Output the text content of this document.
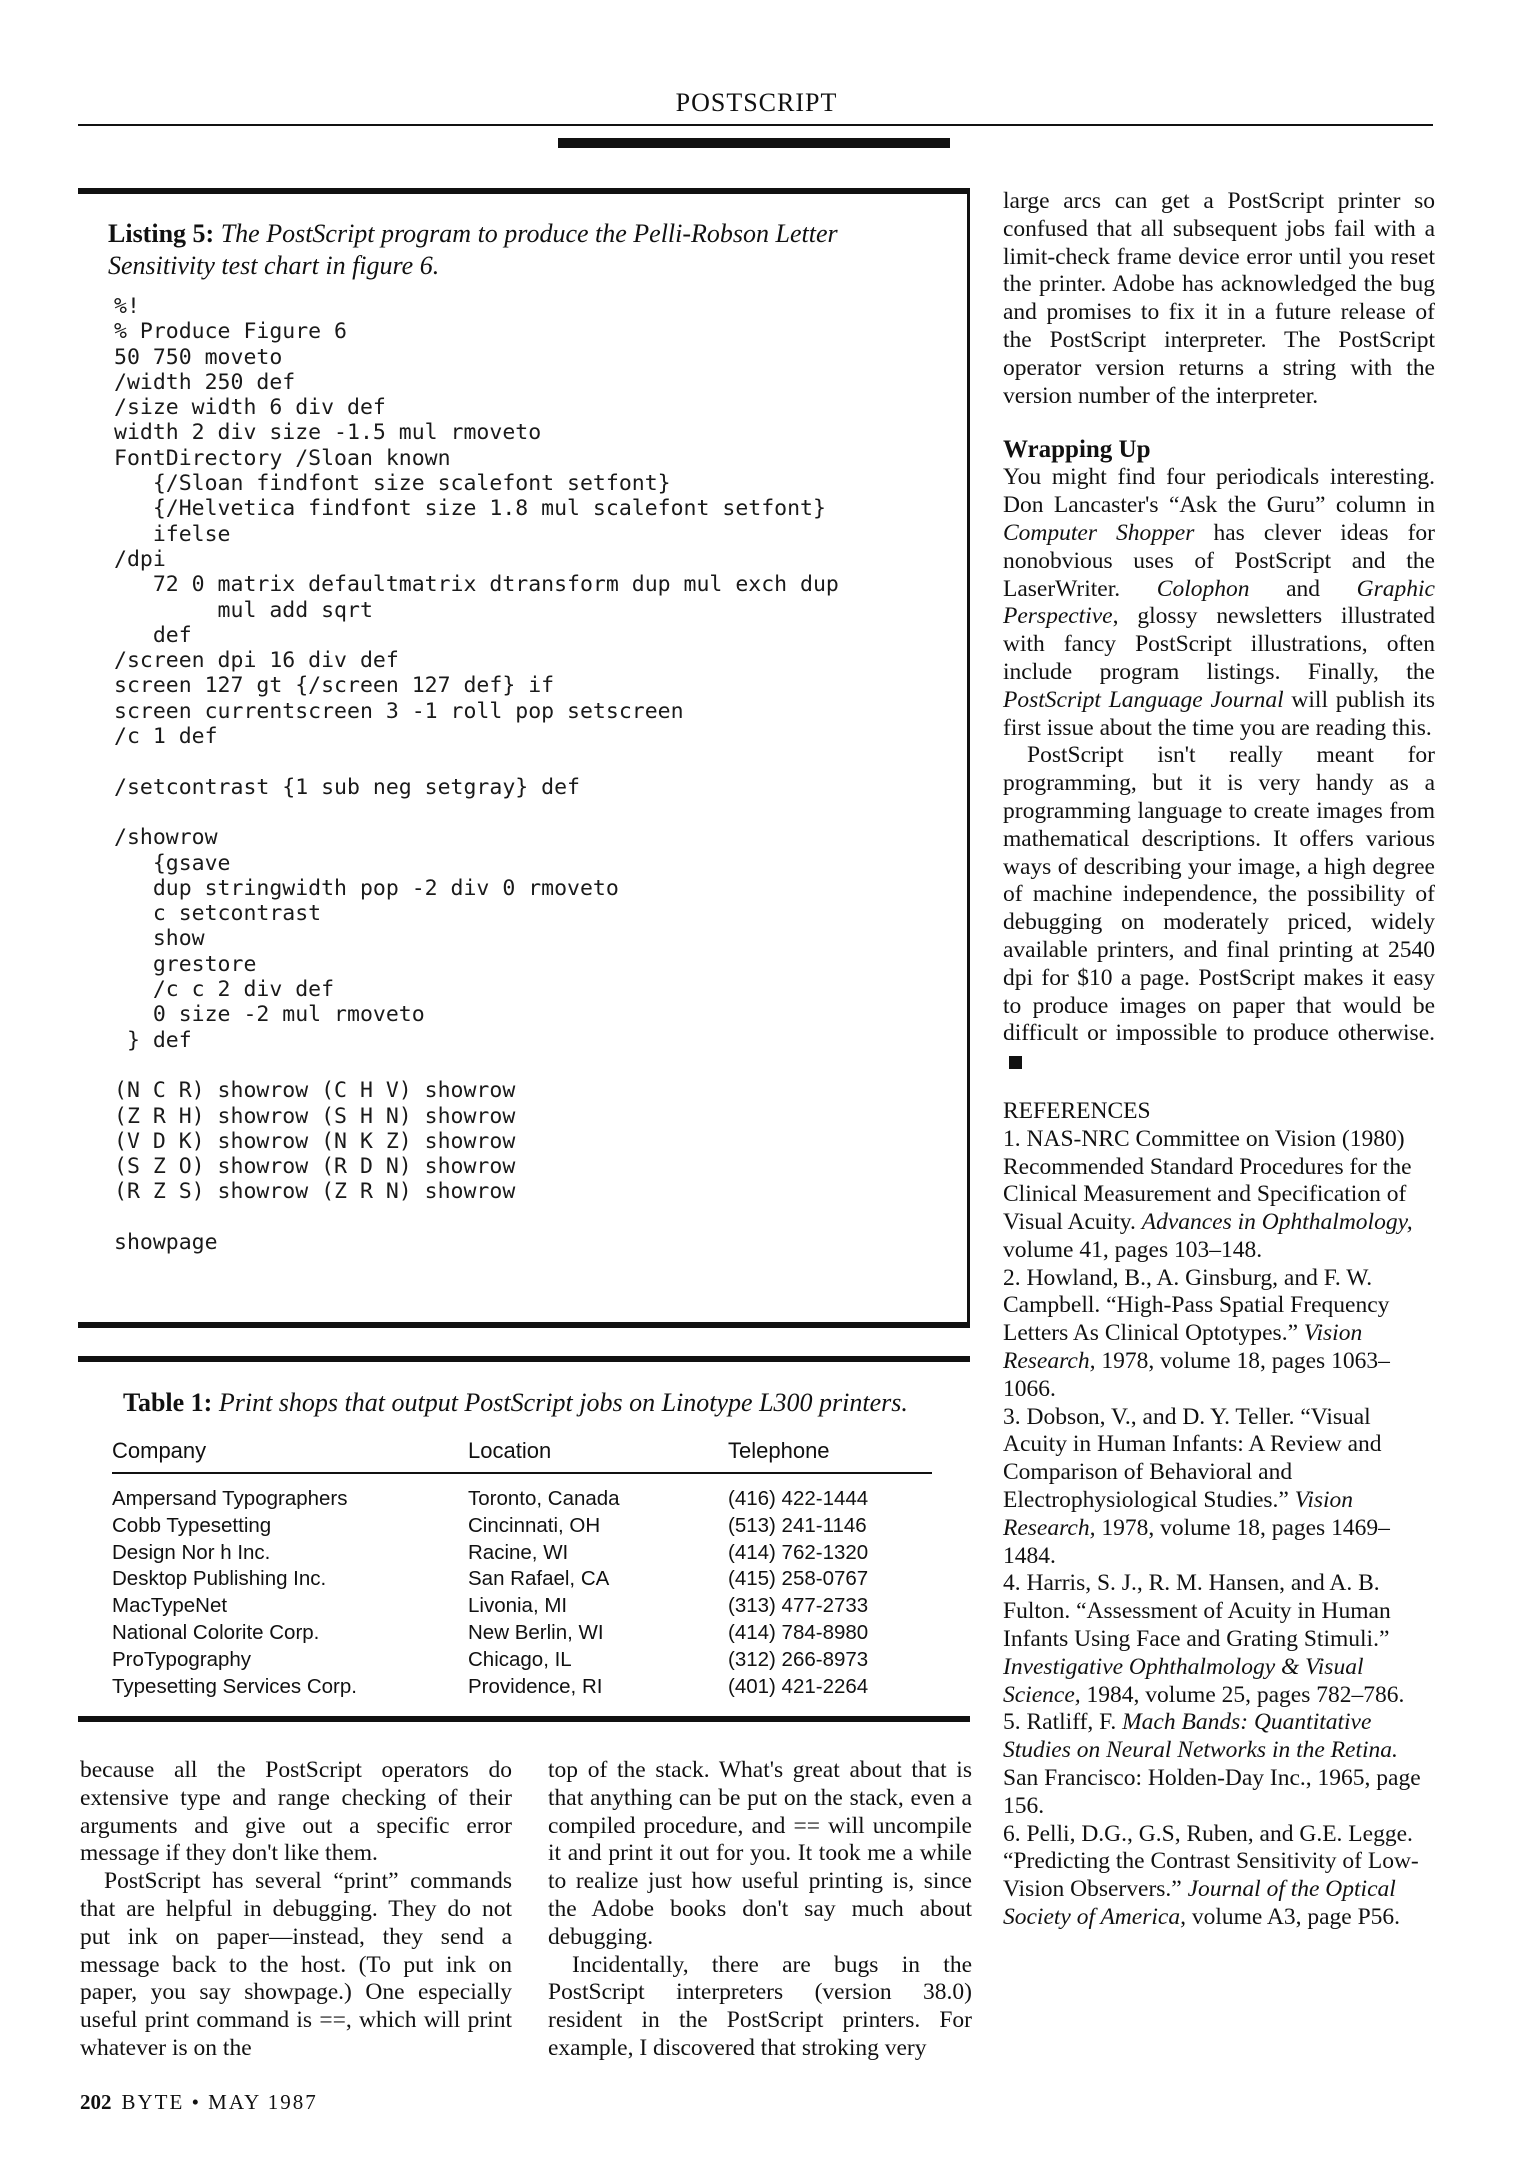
POSTSCRIPT
Listing 5: The PostScript program to produce the Pelli-Robson Letter Sensitivity test chart in figure 6.
%!
% Produce Figure 6
50 750 moveto
/width 250 def
/size width 6 div def
width 2 div size -1.5 mul rmoveto
FontDirectory /Sloan known
{/Sloan findfont size scalefont setfont}
{/Helvetica findfont size 1.8 mul scalefont setfont}
ifelse
/dpi
72 0 matrix defaultmatrix dtransform dup mul exch dup
mul add sqrt
def
/screen dpi 16 div def
screen 127 gt {/screen 127 def} if
screen currentscreen 3 -1 roll pop setscreen
/c 1 def

/setcontrast {1 sub neg setgray} def

/showrow
{gsave
dup stringwidth pop -2 div 0 rmoveto
c setcontrast
show
grestore
/c c 2 div def
0 size -2 mul rmoveto
} def

(N C R) showrow (C H V) showrow
(Z R H) showrow (S H N) showrow
(V D K) showrow (N K Z) showrow
(S Z O) showrow (R D N) showrow
(R Z S) showrow (Z R N) showrow

showpage
Table 1: Print shops that output PostScript jobs on Linotype L300 printers.
Company	Location	Telephone
Ampersand Typographers	Toronto, Canada	(416) 422-1444
Cobb Typesetting	Cincinnati, OH	(513) 241-1146
Design Nor h Inc.	Racine, WI	(414) 762-1320
Desktop Publishing Inc.	San Rafael, CA	(415) 258-0767
MacTypeNet	Livonia, MI	(313) 477-2733
National Colorite Corp.	New Berlin, WI	(414) 784-8980
ProTypography	Chicago, IL	(312) 266-8973
Typesetting Services Corp.	Providence, RI	(401) 421-2264

because all the PostScript operators do extensive type and range checking of their arguments and give out a specific error message if they don't like them.

PostScript has several “print” commands that are helpful in debugging. They do not put ink on paper—instead, they send a message back to the host. (To put ink on paper, you say showpage.) One especially useful print command is ==, which will print whatever is on the

top of the stack. What's great about that is that anything can be put on the stack, even a compiled procedure, and == will uncompile it and print it out for you. It took me a while to realize just how useful printing is, since the Adobe books don't say much about debugging.

Incidentally, there are bugs in the PostScript interpreters (version 38.0) resident in the PostScript printers. For example, I discovered that stroking very

large arcs can get a PostScript printer so confused that all subsequent jobs fail with a limit-check frame device error until you reset the printer. Adobe has acknowledged the bug and promises to fix it in a future release of the PostScript interpreter. The PostScript operator version returns a string with the version number of the interpreter.

Wrapping Up

You might find four periodicals interesting. Don Lancaster's “Ask the Guru” column in Computer Shopper has clever ideas for nonobvious uses of PostScript and the LaserWriter. Colophon and Graphic Perspective, glossy newsletters illustrated with fancy PostScript illustrations, often include program listings. Finally, the PostScript Language Journal will publish its first issue about the time you are reading this.

PostScript isn't really meant for programming, but it is very handy as a programming language to create images from mathematical descriptions. It offers various ways of describing your image, a high degree of machine independence, the possibility of debugging on moderately priced, widely available printers, and final printing at 2540 dpi for $10 a page. PostScript makes it easy to produce images on paper that would be difficult or impossible to produce otherwise.

REFERENCES

1. NAS-NRC Committee on Vision (1980) Recommended Standard Procedures for the Clinical Measurement and Specification of Visual Acuity. Advances in Ophthalmology, volume 41, pages 103–148.

2. Howland, B., A. Ginsburg, and F. W. Campbell. “High-Pass Spatial Frequency Letters As Clinical Optotypes.” Vision Research, 1978, volume 18, pages 1063–1066.

3. Dobson, V., and D. Y. Teller. “Visual Acuity in Human Infants: A Review and Comparison of Behavioral and Electrophysiological Studies.” Vision Research, 1978, volume 18, pages 1469–1484.

4. Harris, S. J., R. M. Hansen, and A. B. Fulton. “Assessment of Acuity in Human Infants Using Face and Grating Stimuli.” Investigative Ophthalmology & Visual Science, 1984, volume 25, pages 782–786.

5. Ratliff, F. Mach Bands: Quantitative Studies on Neural Networks in the Retina. San Francisco: Holden-Day Inc., 1965, page 156.

6. Pelli, D.G., G.S, Ruben, and G.E. Legge. “Predicting the Contrast Sensitivity of Low-Vision Observers.” Journal of the Optical Society of America, volume A3, page P56.

202 BYTE • MAY 1987
